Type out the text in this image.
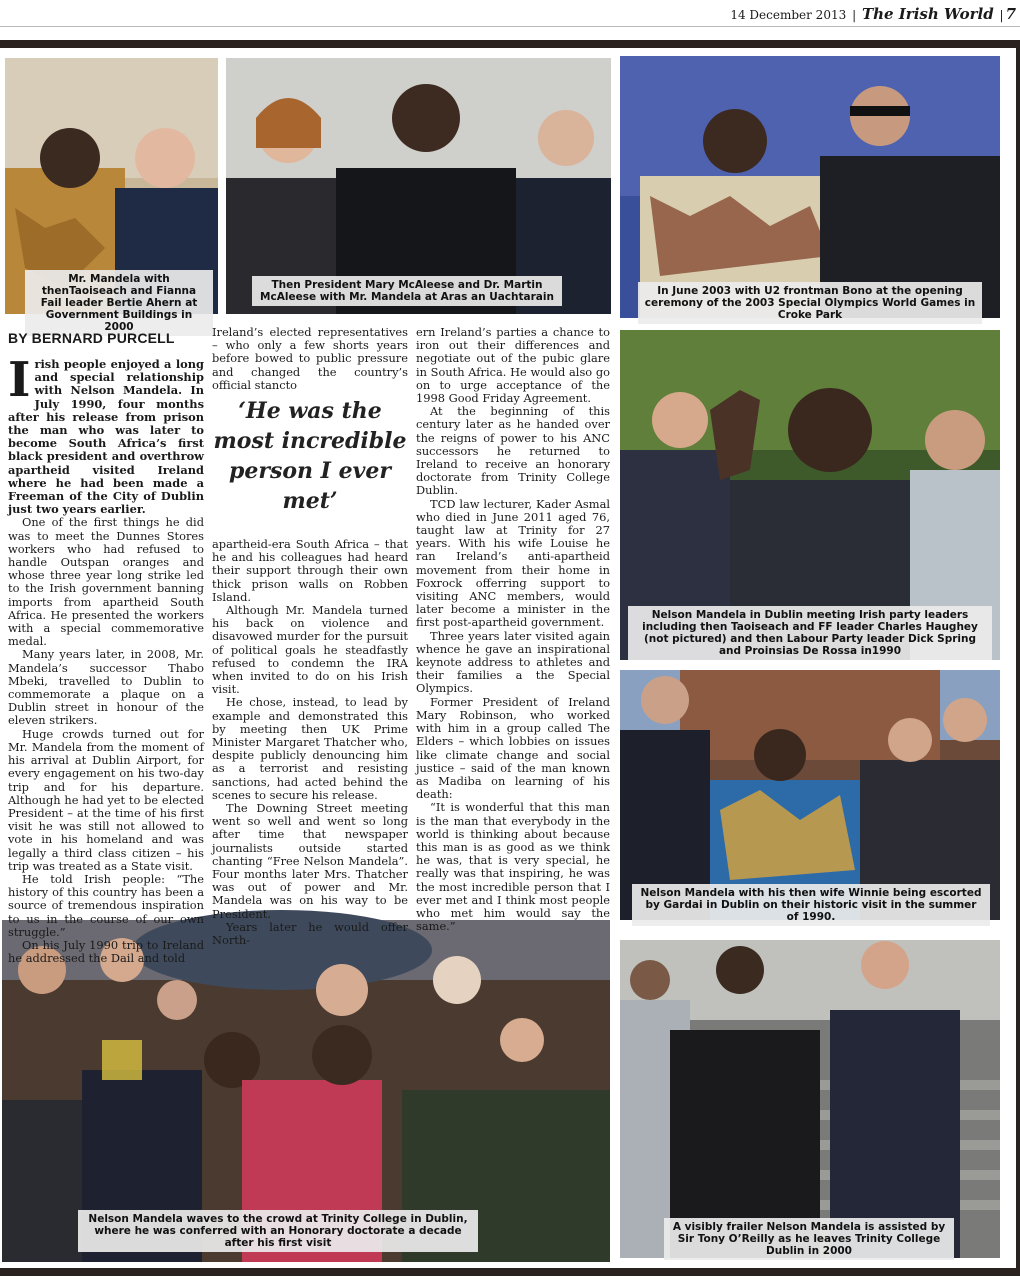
14 December 2013 | The Irish World | 7
Mr. Mandela with thenTaoiseach and Fianna Fail leader Bertie Ahern at Government Buildings in 2000
Then President Mary McAleese and Dr. Martin McAleese with Mr. Mandela at Aras an Uachtarain	In June 2003 with U2 frontman Bono at the opening ceremony of the 2003 Special Olympics World Games in Croke Park
Nelson Mandela in Dublin meeting Irish party leaders including then Taoiseach and FF leader Charles Haughey (not pictured) and then Labour Party leader Dick Spring and Proinsias De Rossa in1990
Nelson Mandela with his then wife Winnie being escorted by Gardai in Dublin on their historic visit in the summer of 1990.
Nelson Mandela waves to the crowd at Trinity College in Dublin, where he was conferred with an Honorary doctorate a decade after his first visit
A visibly frailer Nelson Mandela is assisted by Sir Tony O’Reilly as he leaves Trinity College Dublin in 2000
BY BERNARD PURCELL

Irish people enjoyed a long and special relationship with Nelson Mandela. In July 1990, four months after his release from prison the man who was later to become South Africa’s first black president and overthrow apartheid visited Ireland where he had been made a Freeman of the City of Dublin just two years earlier.

One of the first things he did was to meet the Dunnes Stores workers who had refused to handle Outspan oranges and whose three year long strike led to the Irish government banning imports from apartheid South Africa. He presented the workers with a special commemorative medal.

Many years later, in 2008, Mr. Mandela’s successor Thabo Mbeki, travelled to Dublin to commemorate a plaque on a Dublin street in honour of the eleven strikers.

Huge crowds turned out for Mr. Mandela from the moment of his arrival at Dublin Airport, for every engagement on his two-day trip and for his departure. Although he had yet to be elected President – at the time of his first visit he was still not allowed to vote in his homeland and was legally a third class citizen – his trip was treated as a State visit.

He told Irish people: “The history of this country has been a source of tremendous inspiration to us in the course of our own struggle.”

On his July 1990 trip to Ireland he addressed the Dail and told

Ireland’s elected representatives – who only a few shorts years before bowed to public pressure and changed the country’s official stancto

‘He was the most incredible person I ever met’

apartheid-era South Africa – that he and his colleagues had heard their support through their own thick prison walls on Robben Island.

Although Mr. Mandela turned his back on violence and disavowed murder for the pursuit of political goals he steadfastly refused to condemn the IRA when invited to do on his Irish visit.

He chose, instead, to lead by example and demonstrated this by meeting then UK Prime Minister Margaret Thatcher who, despite publicly denouncing him as a terrorist and resisting sanctions, had acted behind the scenes to secure his release.

The Downing Street meeting went so well and went so long after time that newspaper journalists outside started chanting “Free Nelson Mandela”. Four months later Mrs. Thatcher was out of power and Mr. Mandela was on his way to be President.

Years later he would offer North-

ern Ireland’s parties a chance to iron out their differences and negotiate out of the pubic glare in South Africa. He would also go on to urge acceptance of the 1998 Good Friday Agreement.

At the beginning of this century later as he handed over the reigns of power to his ANC successors he returned to Ireland to receive an honorary doctorate from Trinity College Dublin.

TCD law lecturer, Kader Asmal who died in June 2011 aged 76, taught law at Trinity for 27 years. With his wife Louise he ran Ireland’s anti-apartheid movement from their home in Foxrock offerring support to visiting ANC members, would later become a minister in the first post-apartheid government.

Three years later visited again whence he gave an inspirational keynote address to athletes and their families a the Special Olympics.

Former President of Ireland Mary Robinson, who worked with him in a group called The Elders – which lobbies on issues like climate change and social justice – said of the man known as Madiba on learning of his death:

“It is wonderful that this man is the man that everybody in the world is thinking about because this man is as good as we think he was, that is very special, he really was that inspiring, he was the most incredible person that I ever met and I think most people who met him would say the same.”
